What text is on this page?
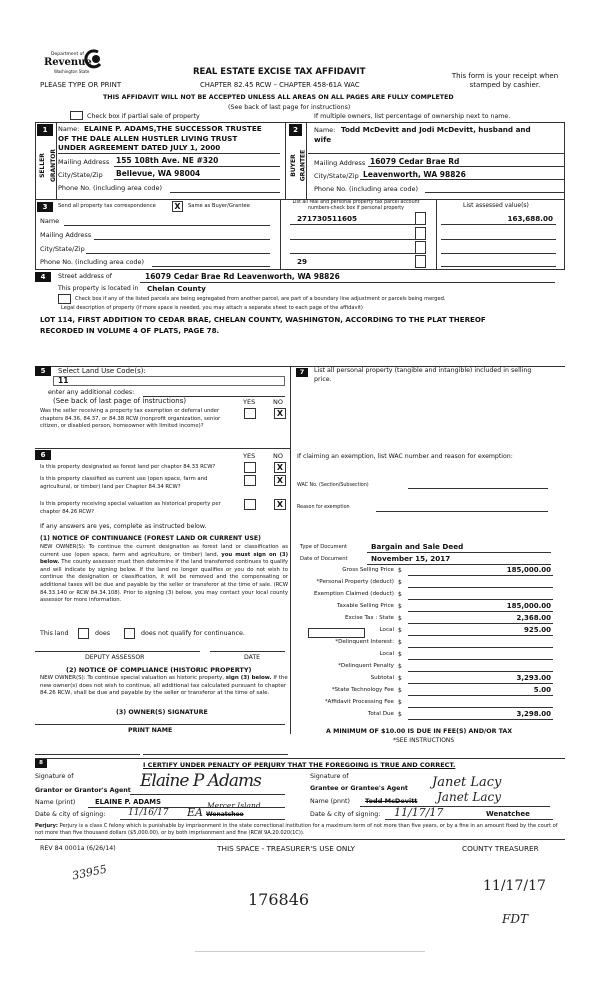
Department of
Revenue
Washington State
PLEASE TYPE OR PRINT
REAL ESTATE EXCISE TAX AFFIDAVIT
CHAPTER 82.45 RCW – CHAPTER 458-61A WAC
This form is your receipt when stamped by cashier.
THIS AFFIDAVIT WILL NOT BE ACCEPTED UNLESS ALL AREAS ON ALL PAGES ARE FULLY COMPLETED
(See back of last page for instructions)
Check box if partial sale of property	If multiple owners, list percentage of ownership next to name.
1
SELLER GRANTOR
Name: ELAINE P. ADAMS,THE SUCCESSOR TRUSTEE
OF THE DALE ALLEN HUSTLER LIVING TRUST
UNDER AGREEMENT DATED JULY 1, 2000
Mailing Address 155 108th Ave. NE #320
City/State/Zip Bellevue, WA 98004
Phone No. (including area code)
2
BUYER GRANTEE
Name: Todd McDevitt and Jodi McDevitt, husband and
wife
Mailing Address 16079 Cedar Brae Rd
City/State/Zip Leavenworth, WA 98826
Phone No. (including area code)
3	Send all property tax correspondence	X	Same as Buyer/Grantee
Name
Mailing Address
City/State/Zip
Phone No. (including area code)
List all real and personal property tax parcel account numbers-check box if personal property	List assessed value(s)
271730511605	163,688.00
29
4	Street address of	16079 Cedar Brae Rd Leavenworth, WA 98826
This property is located in Chelan County
Check box if any of the listed parcels are being segregated from another parcel, are part of a boundary line adjustment or parcels being merged.
Legal description of property (if more space is needed, you may attach a separate sheet to each page of the affidavit)
LOT 114, FIRST ADDITION TO CEDAR BRAE, CHELAN COUNTY, WASHINGTON, ACCORDING TO THE PLAT THEREOF
RECORDED IN VOLUME 4 OF PLATS, PAGE 78.
5	Select Land Use Code(s):
11
enter any additional codes:
(See back of last page of instructions)	YES	NO
Was the seller receiving a property tax exemption or deferral under chapters 84.36, 84.37, or 84.38 RCW (nonprofit organization, senior citizen, or disabled person, homeowner with limited income)?
X
6	YES	NO
Is this property designated as forest land per chapter 84.33 RCW?	X
Is this property classified as current use (open space, farm and agricultural, or timber) land per Chapter 84.34 RCW?
X
Is this property receiving special valuation as historical property per chapter 84.26 RCW?
X
If any answers are yes, complete as instructed below.
(1) NOTICE OF CONTINUANCE (FOREST LAND OR CURRENT USE)
NEW OWNER(S): To continue the current designation as forest land or classification as current use (open space, farm and agriculture, or timber) land, you must sign on (3) below. The county assessor must then determine if the land transferred continues to qualify and will indicate by signing below. If the land no longer qualifies or you do not wish to continue the designation or classification, it will be removed and the compensating or additional taxes will be due and payable by the seller or transferor at the time of sale. (RCW 84.33.140 or RCW 84.34.108). Prior to signing (3) below, you may contact your local county assessor for more information.
This land	does	does not qualify for continuance.
DEPUTY ASSESSOR	DATE
(2) NOTICE OF COMPLIANCE (HISTORIC PROPERTY)
NEW OWNER(S): To continue special valuation as historic property, sign (3) below. If the new owner(s) does not wish to continue, all additional tax calculated pursuant to chapter 84.26 RCW, shall be due and payable by the seller or transferor at the time of sale.
(3) OWNER(S) SIGNATURE
PRINT NAME
7	List all personal property (tangible and intangible) included in selling price.
If claiming an exemption, list WAC number and reason for exemption:
WAC No. (Section/Subsection)
Reason for exemption
Type of Document	Bargain and Sale Deed
Date of Document	November 15, 2017
Gross Selling Price $	185,000.00
*Personal Property (deduct) $
Exemption Claimed (deduct) $
Taxable Selling Price $	185,000.00
Excise Tax : State $	2,368.00
Local $	925.00
*Delinquent Interest: $
Local $
*Delinquent Penalty $
Subtotal $	3,293.00
*State Technology Fee $	5.00
*Affidavit Processing Fee $
Total Due $	3,298.00
A MINIMUM OF $10.00 IS DUE IN FEE(S) AND/OR TAX
*SEE INSTRUCTIONS
8	I CERTIFY UNDER PENALTY OF PERJURY THAT THE FOREGOING IS TRUE AND CORRECT.
Signature of
Grantor or Grantor's Agent Elaine P Adams
Name (print)	ELAINE P. ADAMS
Date & city of signing:	11/16/17 EA Wenatchee
Mercer Island
Signature of
Grantee or Grantee's Agent Janet Lacy
Name (pnnt) Todd McDevitt Janet Lacy
Date & city of signing: 11/17/17	Wenatchee
Perjury: Perjury is a class C felony which is punishable by imprisonment in the state correctional institution for a maximum term of not more than five years, or by a fine in an amount fixed by the court of not more than five thousand dollars ($5,000.00), or by both imprisonment and fine (RCW 9A.20.020(1C)).
REV 84 0001a (6/26/14)	THIS SPACE - TREASURER'S USE ONLY	COUNTY TREASURER
33955
176846
11/17/17
FDT
